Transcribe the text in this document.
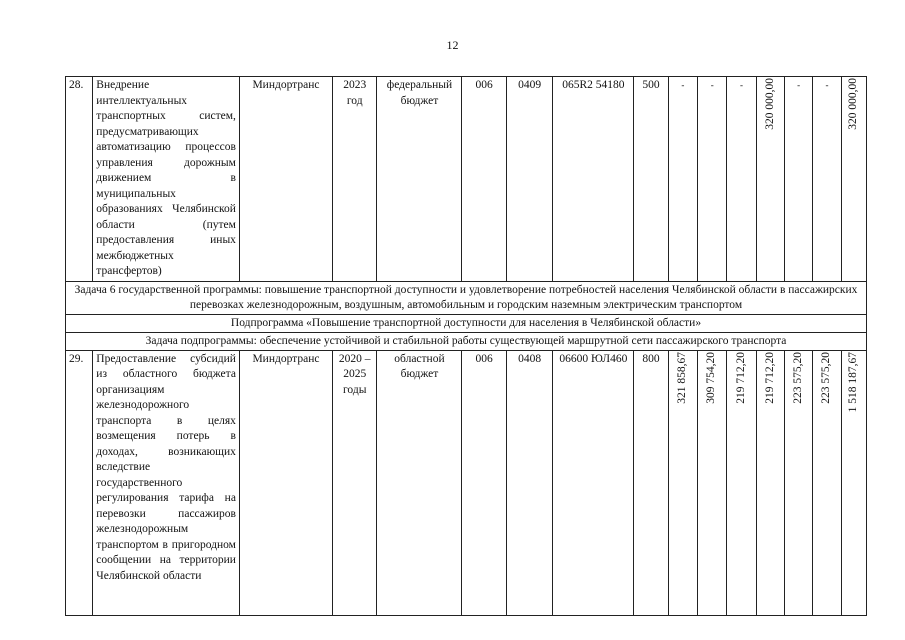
12
28.	Внедрение интеллектуальных транспортных систем, предусматривающих автоматизацию процессов управления дорожным движением в муниципальных образованиях Челябинской области (путем предоставления иных межбюджетных трансфертов)	Миндортранс	2023 год	федеральный бюджет	006	0409	065R2 54180	500	-	-	-	320 000,00	-	-	320 000,00

Задача 6 государственной программы: повышение транспортной доступности и удовлетворение потребностей населения Челябинской области в пассажирских перевозках железнодорожным, воздушным, автомобильным и городским наземным электрическим транспортом															
Подпрограмма «Повышение транспортной доступности для населения в Челябинской области»															
Задача подпрограммы: обеспечение устойчивой и стабильной работы существующей маршрутной сети пассажирского транспорта															
29.	Предоставление субсидий из областного бюджета организациям железнодорожного транспорта в целях возмещения потерь в доходах, возникающих вследствие государственного регулирования тарифа на перевозки пассажиров железнодорожным транспортом в пригородном сообщении на территории Челябинской области	Миндортранс	2020 – 2025 годы	областной бюджет	006	0408	06600 ЮЛ460	800	321 858,67	309 754,20	219 712,20	219 712,20	223 575,20	223 575,20	1 518 187,67
